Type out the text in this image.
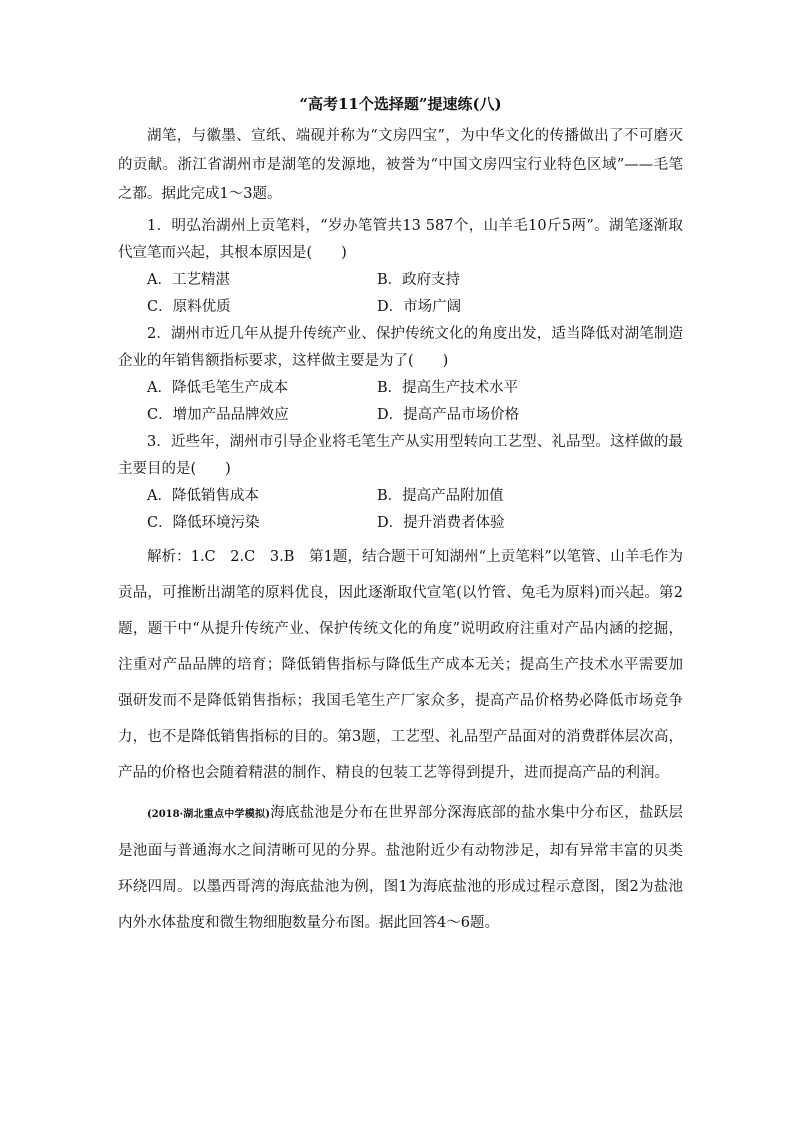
“高考11个选择题”提速练(八)

湖笔，与徽墨、宣纸、端砚并称为“文房四宝”，为中华文化的传播做出了不可磨灭的贡献。浙江省湖州市是湖笔的发源地，被誉为“中国文房四宝行业特色区域”——毛笔之都。据此完成1～3题。

1．明弘治湖州上贡笔料，“岁办笔管共13 587个，山羊毛10斤5两”。湖笔逐渐取代宣笔而兴起，其根本原因是(　　)

A．工艺精湛	B．政府支持
C．原料优质	D．市场广阔

2．湖州市近几年从提升传统产业、保护传统文化的角度出发，适当降低对湖笔制造企业的年销售额指标要求，这样做主要是为了(　　)

A．降低毛笔生产成本	B．提高生产技术水平
C．增加产品品牌效应	D．提高产品市场价格

3．近些年，湖州市引导企业将毛笔生产从实用型转向工艺型、礼品型。这样做的最主要目的是(　　)

A．降低销售成本	B．提高产品附加值
C．降低环境污染	D．提升消费者体验

解析：1.C　2.C　3.B　第1题，结合题干可知湖州“上贡笔料”以笔管、山羊毛作为贡品，可推断出湖笔的原料优良，因此逐渐取代宣笔(以竹管、兔毛为原料)而兴起。第2题，题干中“从提升传统产业、保护传统文化的角度”说明政府注重对产品内涵的挖掘，注重对产品品牌的培育；降低销售指标与降低生产成本无关；提高生产技术水平需要加强研发而不是降低销售指标；我国毛笔生产厂家众多，提高产品价格势必降低市场竞争力，也不是降低销售指标的目的。第3题，工艺型、礼品型产品面对的消费群体层次高，产品的价格也会随着精湛的制作、精良的包装工艺等得到提升，进而提高产品的利润。

(2018·湖北重点中学模拟)海底盐池是分布在世界部分深海底部的盐水集中分布区，盐跃层是池面与普通海水之间清晰可见的分界。盐池附近少有动物涉足，却有异常丰富的贝类环绕四周。以墨西哥湾的海底盐池为例，图1为海底盐池的形成过程示意图，图2为盐池内外水体盐度和微生物细胞数量分布图。据此回答4～6题。
